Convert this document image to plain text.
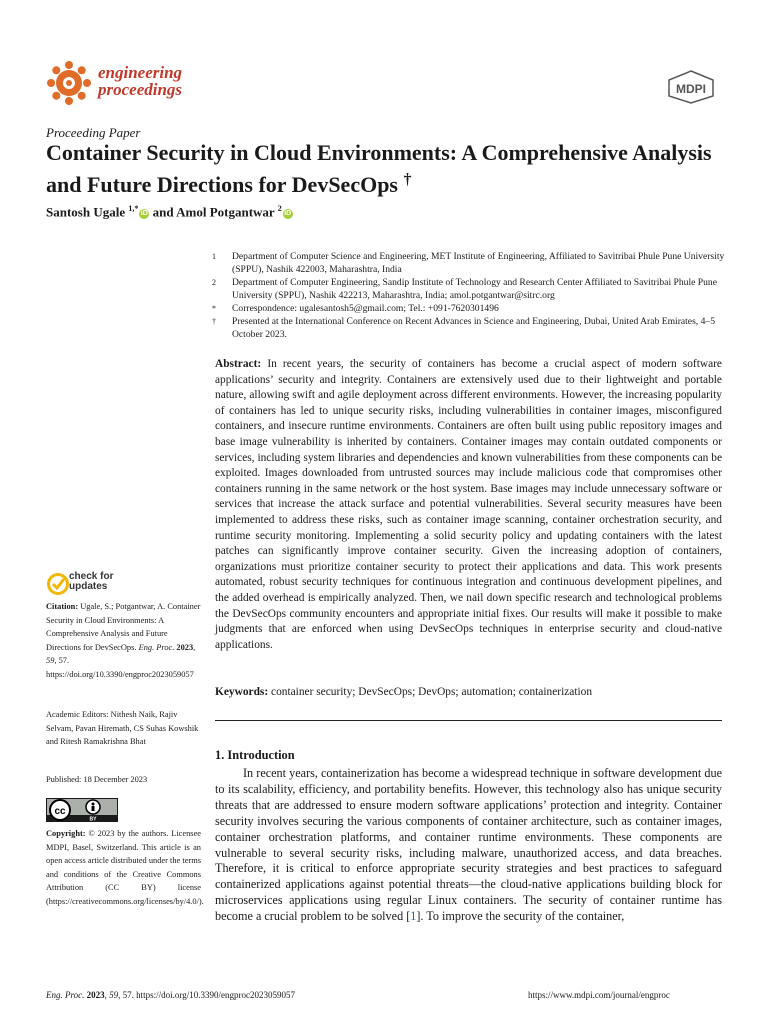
engineering
proceedings	MDPI
Proceeding Paper
Container Security in Cloud Environments: A Comprehensive Analysis and Future Directions for DevSecOps †
Santosh Ugale $^{1,*}$iD and Amol Potgantwar $^2$iD
1 Department of Computer Science and Engineering, MET Institute of Engineering, Affiliated to Savitribai Phule Pune University (SPPU), Nashik 422003, Maharashtra, India
2 Department of Computer Engineering, Sandip Institute of Technology and Research Center Affiliated to Savitribai Phule Pune University (SPPU), Nashik 422213, Maharashtra, India; amol.potgantwar@sitrc.org
* Correspondence: ugalesantosh5@gmail.com; Tel.: +091-7620301496
† Presented at the International Conference on Recent Advances in Science and Engineering, Dubai, United Arab Emirates, 4–5 October 2023.
Abstract: In recent years, the security of containers has become a crucial aspect of modern software applications’ security and integrity. Containers are extensively used due to their lightweight and portable nature, allowing swift and agile deployment across different environments. However, the increasing popularity of containers has led to unique security risks, including vulnerabilities in container images, misconfigured containers, and insecure runtime environments. Containers are often built using public repository images and base image vulnerability is inherited by containers. Container images may contain outdated components or services, including system libraries and dependencies and known vulnerabilities from these components can be exploited. Images downloaded from untrusted sources may include malicious code that compromises other containers running in the same network or the host system. Base images may include unnecessary software or services that increase the attack surface and potential vulnerabilities. Several security measures have been implemented to address these risks, such as container image scanning, container orchestration security, and runtime security monitoring. Implementing a solid security policy and updating containers with the latest patches can significantly improve container security. Given the increasing adoption of containers, organizations must prioritize container security to protect their applications and data. This work presents automated, robust security techniques for continuous integration and continuous development pipelines, and the added overhead is empirically analyzed. Then, we nail down specific research and technological problems the DevSecOps community encounters and appropriate initial fixes. Our results will make it possible to make judgments that are enforced when using DevSecOps techniques in enterprise security and cloud-native applications.
Keywords: container security; DevSecOps; DevOps; automation; containerization
1. Introduction
In recent years, containerization has become a widespread technique in software development due to its scalability, efficiency, and portability benefits. However, this technology also has unique security threats that are addressed to ensure modern software applications’ protection and integrity. Container security involves securing the various components of container architecture, such as container images, container orchestration platforms, and container runtime environments. These components are vulnerable to several security risks, including malware, unauthorized access, and data breaches. Therefore, it is critical to enforce appropriate security strategies and best practices to safeguard containerized applications against potential threats—the cloud-native applications building block for microservices applications using regular Linux containers. The security of container runtime has become a crucial problem to be solved [1]. To improve the security of the container,
check for
updates
Citation: Ugale, S.; Potgantwar, A. Container Security in Cloud Environments: A Comprehensive Analysis and Future Directions for DevSecOps. Eng. Proc. 2023, 59, 57. https://doi.org/10.3390/engproc2023059057
Academic Editors: Nithesh Naik, Rajiv Selvam, Pavan Hiremath, CS Suhas Kowshik and Ritesh Ramakrishna Bhat
Published: 18 December 2023
cc
BY
Copyright: © 2023 by the authors. Licensee MDPI, Basel, Switzerland. This article is an open access article distributed under the terms and conditions of the Creative Commons Attribution (CC BY) license (https://creativecommons.org/licenses/by/4.0/).
Eng. Proc. 2023, 59, 57. https://doi.org/10.3390/engproc2023059057	https://www.mdpi.com/journal/engproc
